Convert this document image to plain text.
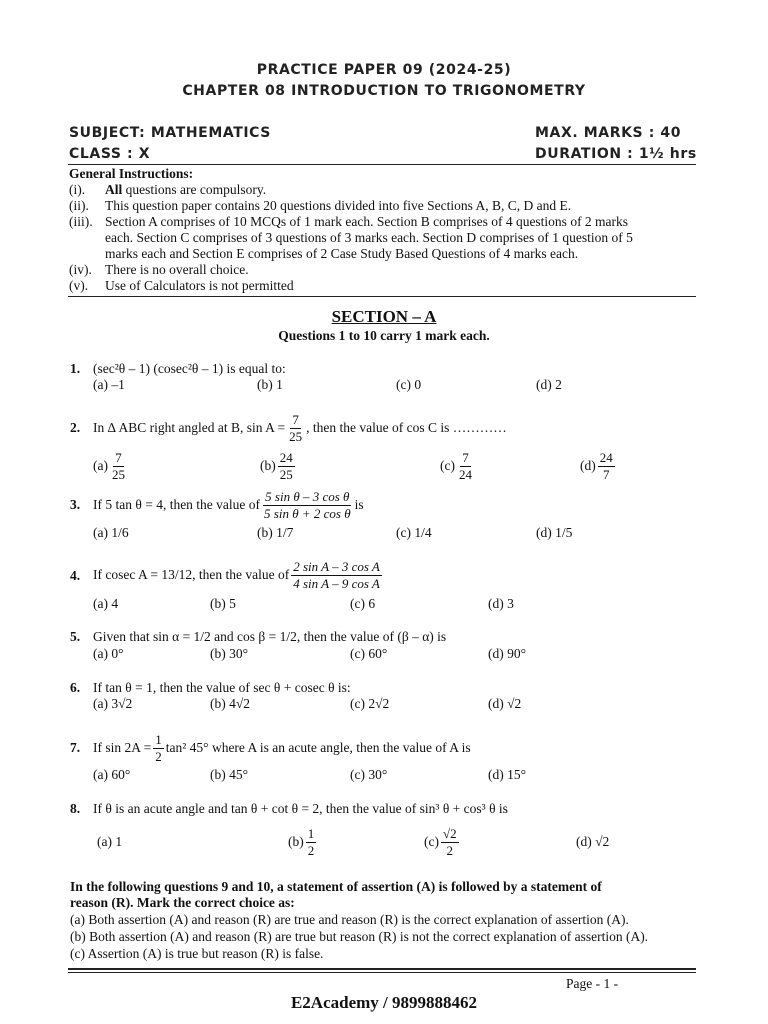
PRACTICE PAPER 09 (2024-25)
CHAPTER 08 INTRODUCTION TO TRIGONOMETRY
SUBJECT: MATHEMATICS	MAX. MARKS : 40
CLASS : X	DURATION : 1½ hrs
General Instructions:
(i). All questions are compulsory.
(ii). This question paper contains 20 questions divided into five Sections A, B, C, D and E.
(iii). Section A comprises of 10 MCQs of 1 mark each. Section B comprises of 4 questions of 2 marks
each. Section C comprises of 3 questions of 3 marks each. Section D comprises of 1 question of 5
marks each and Section E comprises of 2 Case Study Based Questions of 4 marks each.
(iv). There is no overall choice.
(v). Use of Calculators is not permitted
SECTION – A
Questions 1 to 10 carry 1 mark each.
1. (sec²θ – 1) (cosec²θ – 1) is equal to:
(a) –1	(b) 1	(c) 0	(d) 2
2. In ∆ ABC right angled at B, $\sin A = \frac{7}{25}$ , then the value of cos C is …………
$(a) \frac{7}{25}$	$(b) \frac{24}{25}$	$(c) \frac{7}{24}$	$(d) \frac{24}{7}$
3. If 5 tan θ = 4, then the value of $\frac{\text{5 sin θ – 3 cos θ}}{\text{5 sin θ + 2 cos θ}}$ is
(a) 1/6	(b) 1/7	(c) 1/4	(d) 1/5
4. If cosec A = 13/12, then the value of $\frac{\text{2 sin A – 3 cos A}}{\text{4 sin A – 9 cos A}}$
(a) 4	(b) 5	(c) 6	(d) 3
5. Given that sin α = 1/2 and cos β = 1/2, then the value of (β – α) is
(a) 0°	(b) 30°	(c) 60°	(d) 90°
6. If tan θ = 1, then the value of sec θ + cosec θ is:
(a) 3√2	(b) 4√2	(c) 2√2	(d) √2
7. If $\sin 2A = \frac{1}{2} \tan^2$ 45° where A is an acute angle, then the value of A is
(a) 60°	(b) 45°	(c) 30°	(d) 15°
8. If θ is an acute angle and tan θ + cot θ = 2, then the value of sin³ θ + cos³ θ is
(a) 1	$(b) \frac{1}{2}$	$(c) \frac{√2}{2}$	(d) √2
In the following questions 9 and 10, a statement of assertion (A) is followed by a statement of
reason (R). Mark the correct choice as:
(a) Both assertion (A) and reason (R) are true and reason (R) is the correct explanation of assertion (A).
(b) Both assertion (A) and reason (R) are true but reason (R) is not the correct explanation of assertion (A).
(c) Assertion (A) is true but reason (R) is false.
Page - 1 -
E2Academy / 9899888462
